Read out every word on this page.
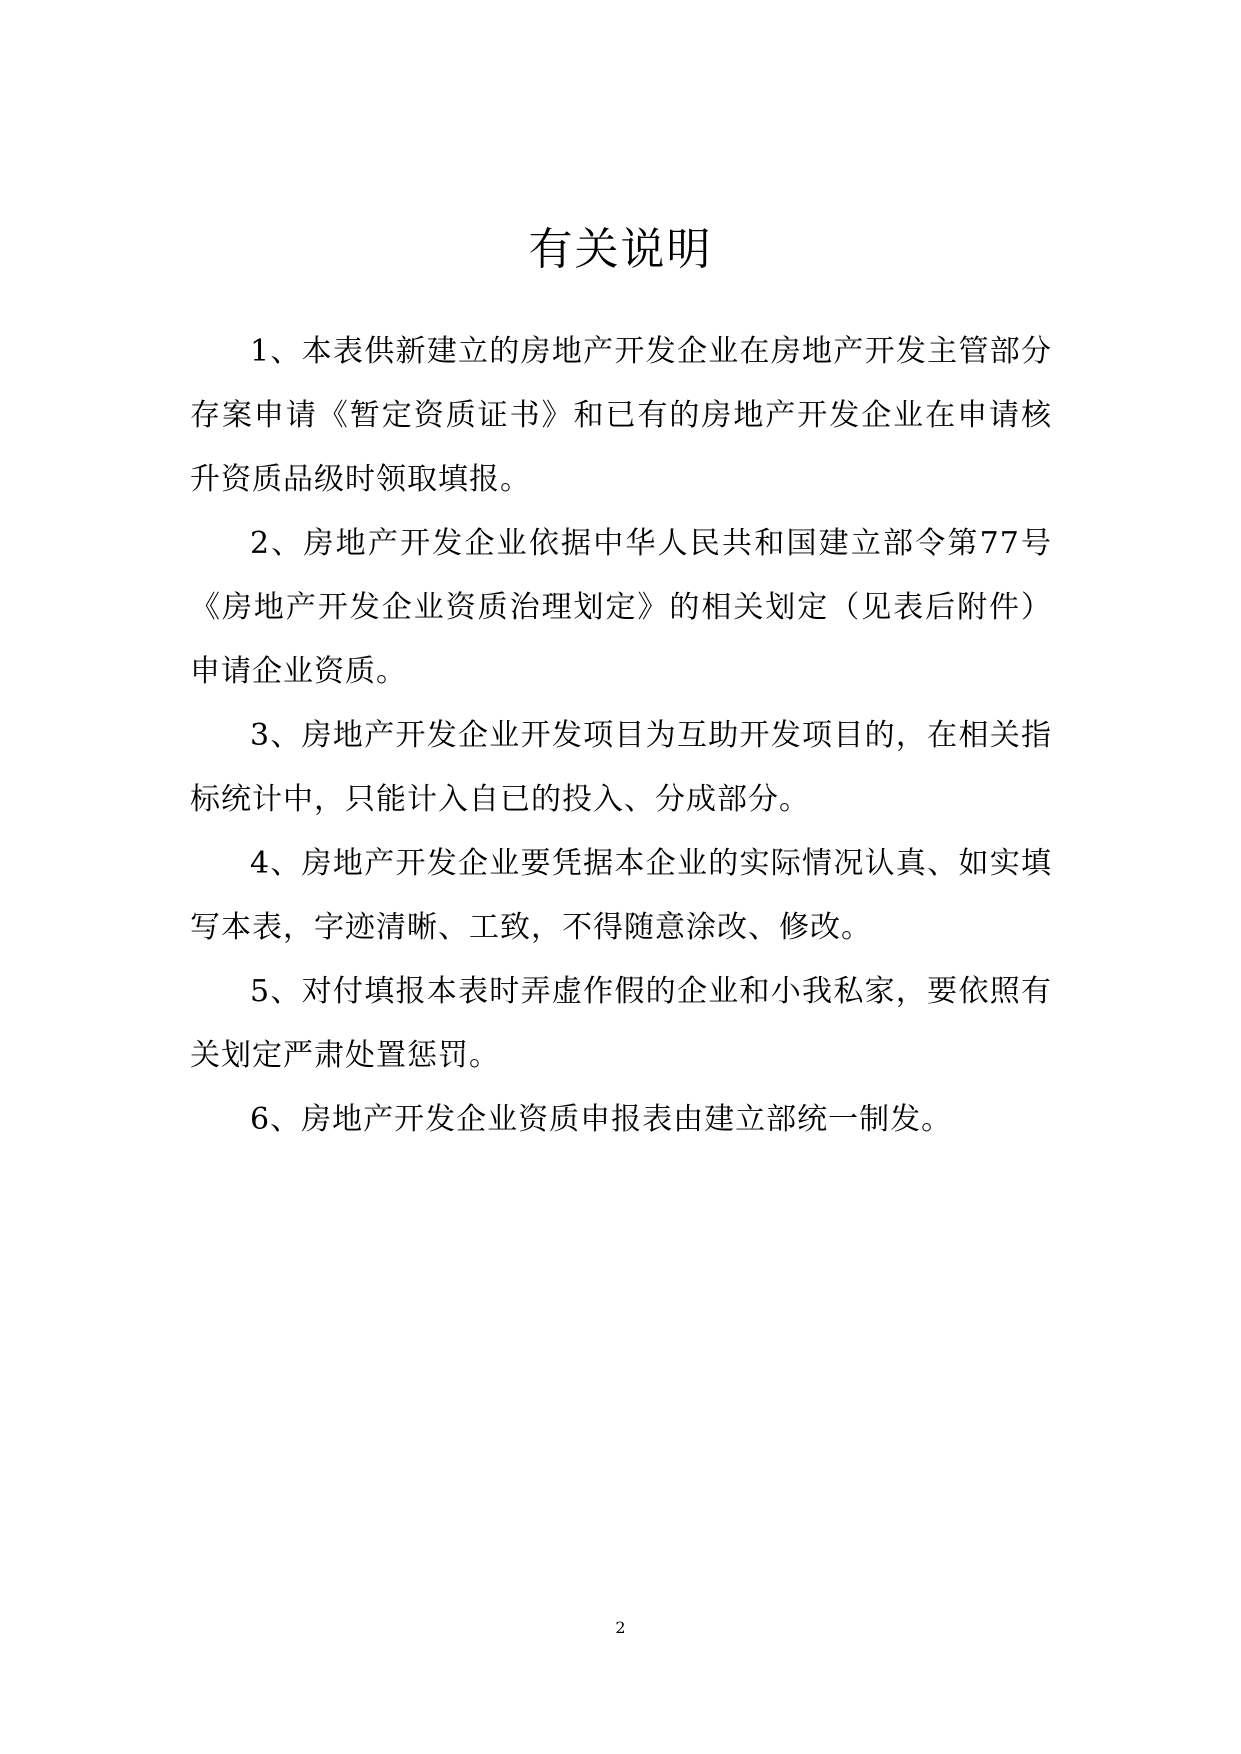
有关说明

1、本表供新建立的房地产开发企业在房地产开发主管部分存案申请《暂定资质证书》和已有的房地产开发企业在申请核升资质品级时领取填报。

2、房地产开发企业依据中华人民共和国建立部令第77号《房地产开发企业资质治理划定》的相关划定（见表后附件）申请企业资质。

3、房地产开发企业开发项目为互助开发项目的，在相关指标统计中，只能计入自已的投入、分成部分。

4、房地产开发企业要凭据本企业的实际情况认真、如实填写本表，字迹清晰、工致，不得随意涂改、修改。

5、对付填报本表时弄虚作假的企业和小我私家，要依照有关划定严肃处置惩罚。

6、房地产开发企业资质申报表由建立部统一制发。

2
